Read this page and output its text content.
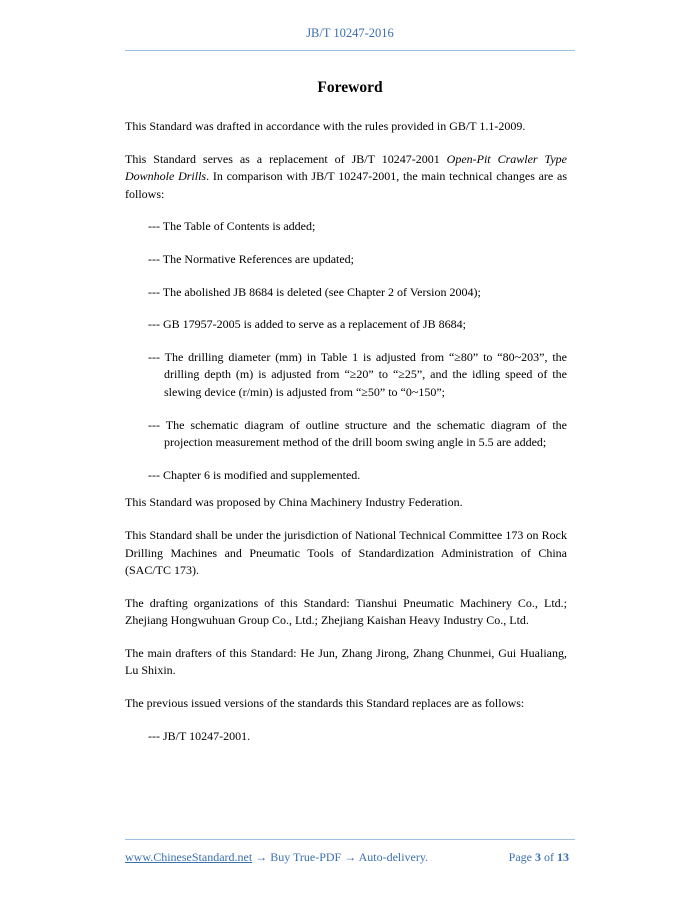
JB/T 10247-2016
Foreword

This Standard was drafted in accordance with the rules provided in GB/T 1.1-2009.

This Standard serves as a replacement of JB/T 10247-2001 Open-Pit Crawler Type Downhole Drills. In comparison with JB/T 10247-2001, the main technical changes are as follows:

--- The Table of Contents is added;

--- The Normative References are updated;

--- The abolished JB 8684 is deleted (see Chapter 2 of Version 2004);

--- GB 17957-2005 is added to serve as a replacement of JB 8684;

--- The drilling diameter (mm) in Table 1 is adjusted from “≥80” to “80~203”, the drilling depth (m) is adjusted from “≥20” to “≥25”, and the idling speed of the slewing device (r/min) is adjusted from “≥50” to “0~150”;

--- The schematic diagram of outline structure and the schematic diagram of the projection measurement method of the drill boom swing angle in 5.5 are added;

--- Chapter 6 is modified and supplemented.

This Standard was proposed by China Machinery Industry Federation.

This Standard shall be under the jurisdiction of National Technical Committee 173 on Rock Drilling Machines and Pneumatic Tools of Standardization Administration of China (SAC/TC 173).

The drafting organizations of this Standard: Tianshui Pneumatic Machinery Co., Ltd.; Zhejiang Hongwuhuan Group Co., Ltd.; Zhejiang Kaishan Heavy Industry Co., Ltd.

The main drafters of this Standard: He Jun, Zhang Jirong, Zhang Chunmei, Gui Hualiang, Lu Shixin.

The previous issued versions of the standards this Standard replaces are as follows:

--- JB/T 10247-2001.

www.ChineseStandard.net → Buy True-PDF → Auto-delivery.	Page 3 of 13
